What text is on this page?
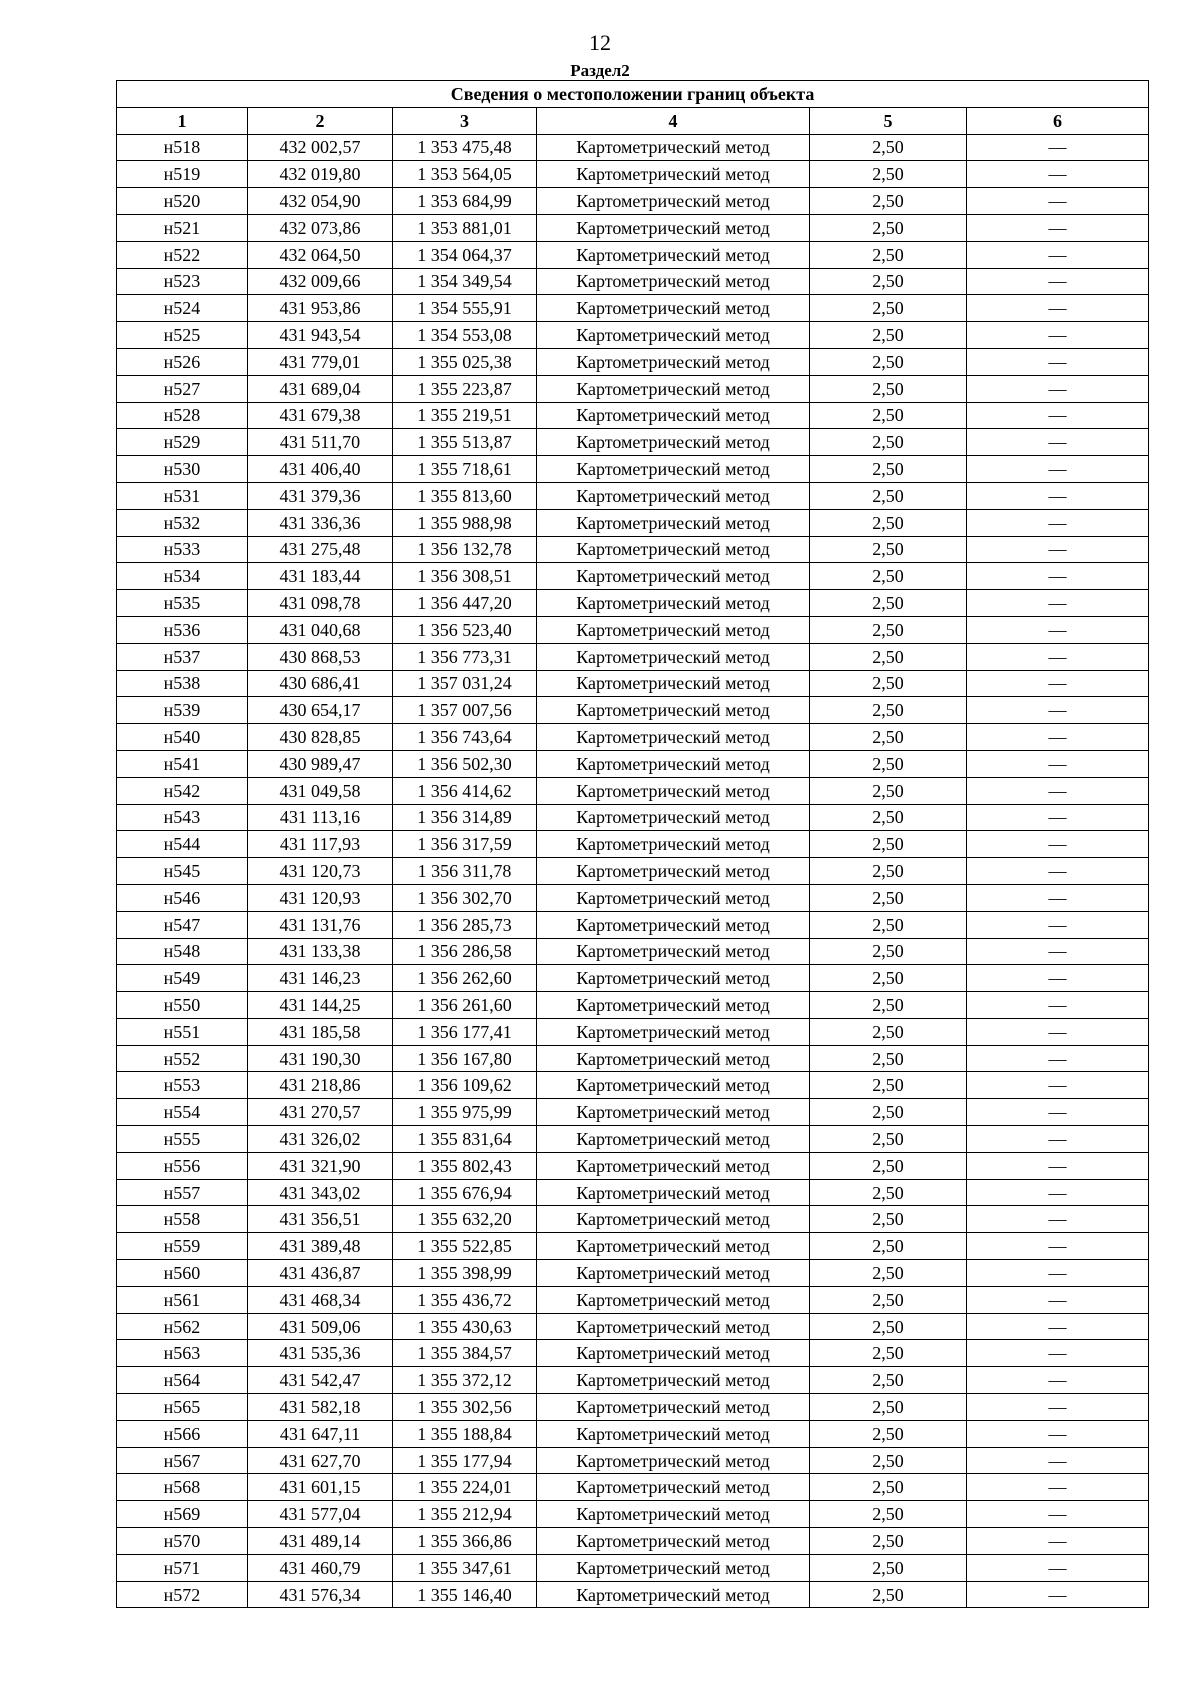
12
Раздел2
Сведения о местоположении границ объекта					
1	2	3	4	5	6
н518	432 002,57	1 353 475,48	Картометрический метод	2,50	—
н519	432 019,80	1 353 564,05	Картометрический метод	2,50	—
н520	432 054,90	1 353 684,99	Картометрический метод	2,50	—
н521	432 073,86	1 353 881,01	Картометрический метод	2,50	—
н522	432 064,50	1 354 064,37	Картометрический метод	2,50	—
н523	432 009,66	1 354 349,54	Картометрический метод	2,50	—
н524	431 953,86	1 354 555,91	Картометрический метод	2,50	—
н525	431 943,54	1 354 553,08	Картометрический метод	2,50	—
н526	431 779,01	1 355 025,38	Картометрический метод	2,50	—
н527	431 689,04	1 355 223,87	Картометрический метод	2,50	—
н528	431 679,38	1 355 219,51	Картометрический метод	2,50	—
н529	431 511,70	1 355 513,87	Картометрический метод	2,50	—
н530	431 406,40	1 355 718,61	Картометрический метод	2,50	—
н531	431 379,36	1 355 813,60	Картометрический метод	2,50	—
н532	431 336,36	1 355 988,98	Картометрический метод	2,50	—
н533	431 275,48	1 356 132,78	Картометрический метод	2,50	—
н534	431 183,44	1 356 308,51	Картометрический метод	2,50	—
н535	431 098,78	1 356 447,20	Картометрический метод	2,50	—
н536	431 040,68	1 356 523,40	Картометрический метод	2,50	—
н537	430 868,53	1 356 773,31	Картометрический метод	2,50	—
н538	430 686,41	1 357 031,24	Картометрический метод	2,50	—
н539	430 654,17	1 357 007,56	Картометрический метод	2,50	—
н540	430 828,85	1 356 743,64	Картометрический метод	2,50	—
н541	430 989,47	1 356 502,30	Картометрический метод	2,50	—
н542	431 049,58	1 356 414,62	Картометрический метод	2,50	—
н543	431 113,16	1 356 314,89	Картометрический метод	2,50	—
н544	431 117,93	1 356 317,59	Картометрический метод	2,50	—
н545	431 120,73	1 356 311,78	Картометрический метод	2,50	—
н546	431 120,93	1 356 302,70	Картометрический метод	2,50	—
н547	431 131,76	1 356 285,73	Картометрический метод	2,50	—
н548	431 133,38	1 356 286,58	Картометрический метод	2,50	—
н549	431 146,23	1 356 262,60	Картометрический метод	2,50	—
н550	431 144,25	1 356 261,60	Картометрический метод	2,50	—
н551	431 185,58	1 356 177,41	Картометрический метод	2,50	—
н552	431 190,30	1 356 167,80	Картометрический метод	2,50	—
н553	431 218,86	1 356 109,62	Картометрический метод	2,50	—
н554	431 270,57	1 355 975,99	Картометрический метод	2,50	—
н555	431 326,02	1 355 831,64	Картометрический метод	2,50	—
н556	431 321,90	1 355 802,43	Картометрический метод	2,50	—
н557	431 343,02	1 355 676,94	Картометрический метод	2,50	—
н558	431 356,51	1 355 632,20	Картометрический метод	2,50	—
н559	431 389,48	1 355 522,85	Картометрический метод	2,50	—
н560	431 436,87	1 355 398,99	Картометрический метод	2,50	—
н561	431 468,34	1 355 436,72	Картометрический метод	2,50	—
н562	431 509,06	1 355 430,63	Картометрический метод	2,50	—
н563	431 535,36	1 355 384,57	Картометрический метод	2,50	—
н564	431 542,47	1 355 372,12	Картометрический метод	2,50	—
н565	431 582,18	1 355 302,56	Картометрический метод	2,50	—
н566	431 647,11	1 355 188,84	Картометрический метод	2,50	—
н567	431 627,70	1 355 177,94	Картометрический метод	2,50	—
н568	431 601,15	1 355 224,01	Картометрический метод	2,50	—
н569	431 577,04	1 355 212,94	Картометрический метод	2,50	—
н570	431 489,14	1 355 366,86	Картометрический метод	2,50	—
н571	431 460,79	1 355 347,61	Картометрический метод	2,50	—
н572	431 576,34	1 355 146,40	Картометрический метод	2,50	—
